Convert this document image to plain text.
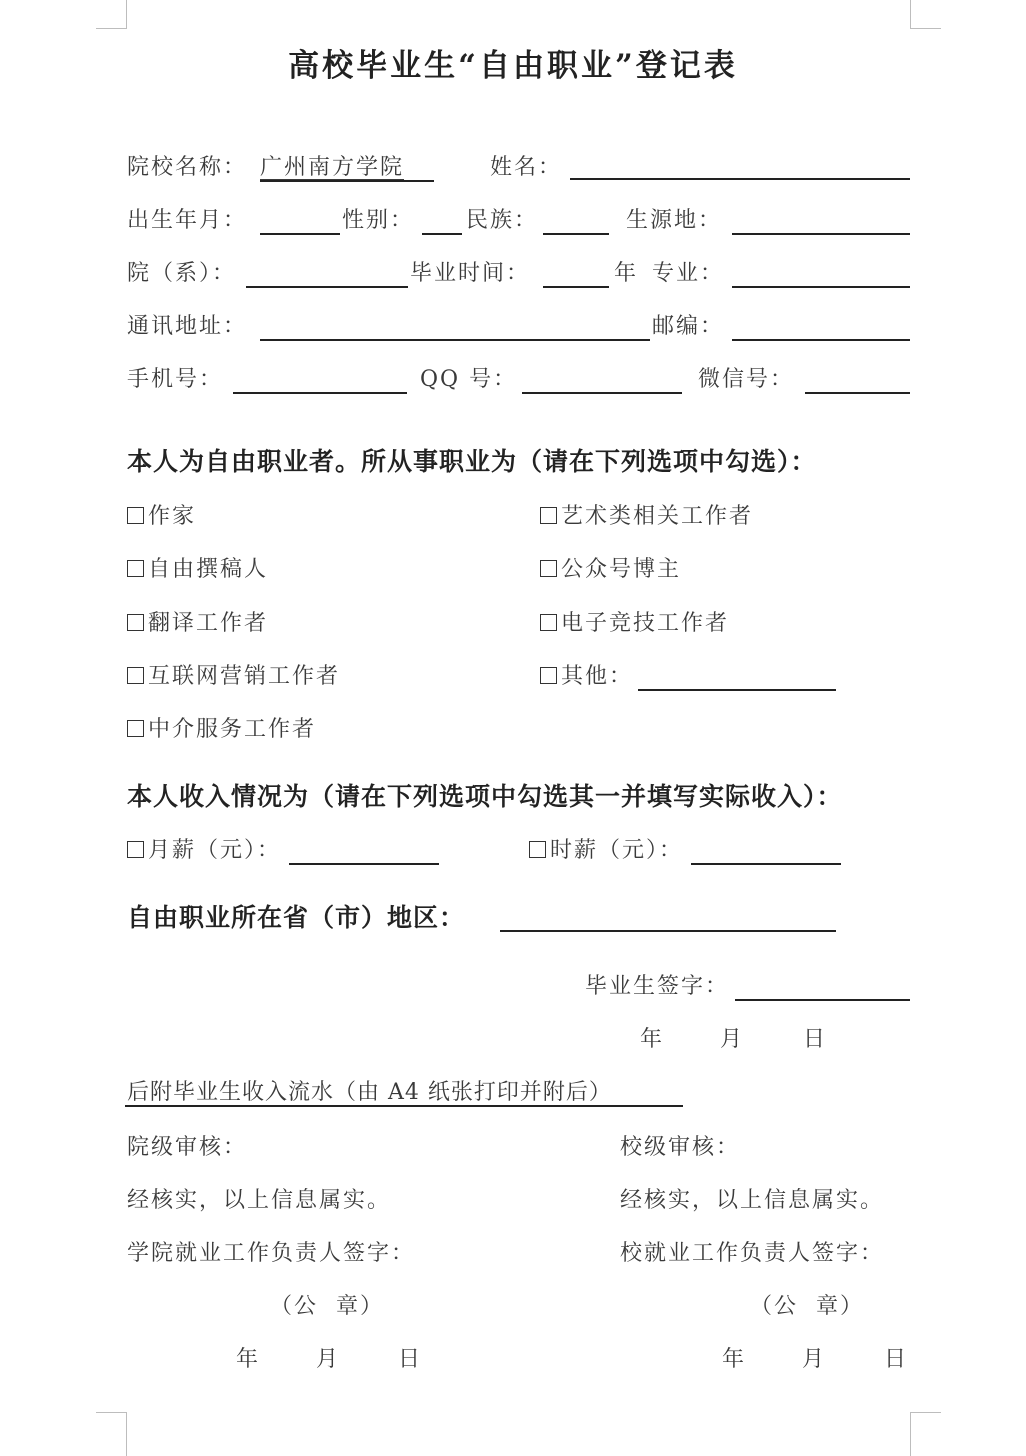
高校毕业生“自由职业”登记表
院校名称： 广州南方学院	姓名：
出生年月：	性别： 民族：	生源地：
院（系）：	毕业时间：	年 专业：
通讯地址：	邮编：
手机号：	QQ 号：	微信号：
本人为自由职业者。所从事职业为（请在下列选项中勾选）：
作家
自由撰稿人
翻译工作者
互联网营销工作者
中介服务工作者
艺术类相关工作者
公众号博主
电子竞技工作者
其他：
本人收入情况为（请在下列选项中勾选其一并填写实际收入）：
月薪（元）：	时薪（元）：
自由职业所在省（市）地区：
毕业生签字：
年	月	日
后附毕业生收入流水（由 A4 纸张打印并附后）
院级审核：
经核实，以上信息属实。
学院就业工作负责人签字：
（公  章）
年	月	日
校级审核：
经核实，以上信息属实。
校就业工作负责人签字：
（公  章）
年	月	日
